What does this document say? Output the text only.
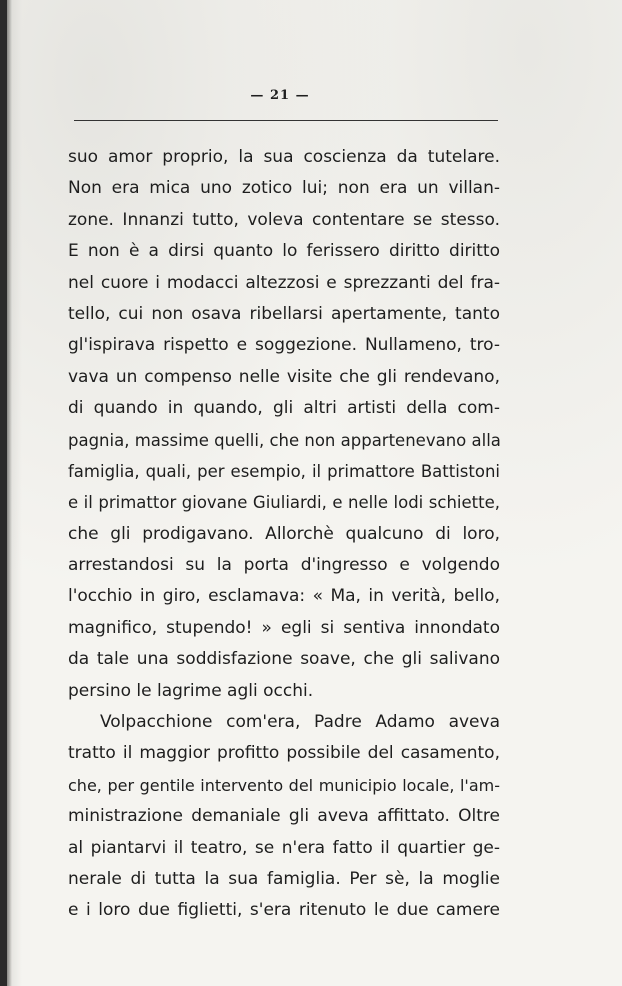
— 21 —
suo amor proprio, la sua coscienza da tutelare.
Non era mica uno zotico lui; non era un villan-
zone. Innanzi tutto, voleva contentare se stesso.
E non è a dirsi quanto lo ferissero diritto diritto
nel cuore i modacci altezzosi e sprezzanti del fra-
tello, cui non osava ribellarsi apertamente, tanto
gl'ispirava rispetto e soggezione. Nullameno, tro-
vava un compenso nelle visite che gli rendevano,
di quando in quando, gli altri artisti della com-
pagnia, massime quelli, che non appartenevano alla
famiglia, quali, per esempio, il primattore Battistoni
e il primattor giovane Giuliardi, e nelle lodi schiette,
che gli prodigavano. Allorchè qualcuno di loro,
arrestandosi su la porta d'ingresso e volgendo
l'occhio in giro, esclamava: « Ma, in verità, bello,
magnifico, stupendo! » egli si sentiva innondato
da tale una soddisfazione soave, che gli salivano
persino le lagrime agli occhi.
Volpacchione com'era, Padre Adamo aveva
tratto il maggior profitto possibile del casamento,
che, per gentile intervento del municipio locale, l'am-
ministrazione demaniale gli aveva affittato. Oltre
al piantarvi il teatro, se n'era fatto il quartier ge-
nerale di tutta la sua famiglia. Per sè, la moglie
e i loro due figlietti, s'era ritenuto le due camere
